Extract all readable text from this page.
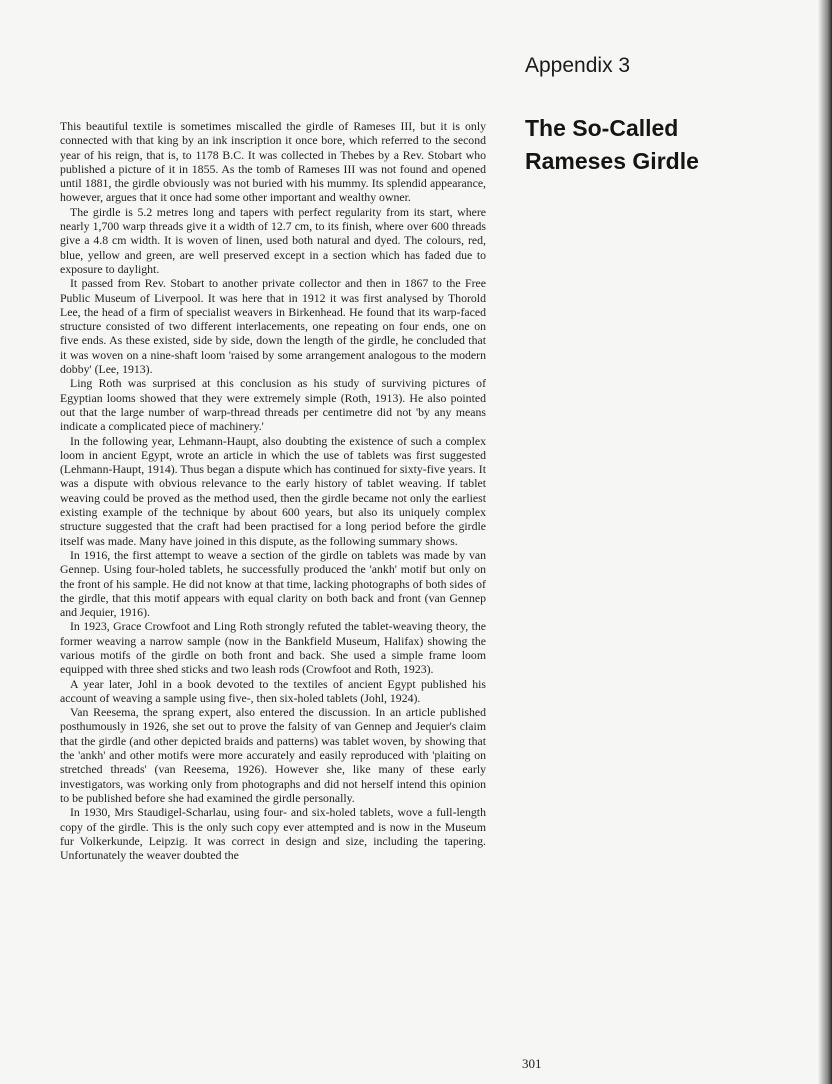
Appendix 3
The So-Called
Rameses Girdle

This beautiful textile is sometimes miscalled the girdle of Rameses III, but it is only connected with that king by an ink inscription it once bore, which referred to the second year of his reign, that is, to 1178 B.C. It was collected in Thebes by a Rev. Stobart who published a picture of it in 1855. As the tomb of Rameses III was not found and opened until 1881, the girdle obviously was not buried with his mummy. Its splendid appearance, however, argues that it once had some other important and wealthy owner.

The girdle is 5.2 metres long and tapers with perfect regularity from its start, where nearly 1,700 warp threads give it a width of 12.7 cm, to its finish, where over 600 threads give a 4.8 cm width. It is woven of linen, used both natural and dyed. The colours, red, blue, yellow and green, are well preserved except in a section which has faded due to exposure to daylight.

It passed from Rev. Stobart to another private collector and then in 1867 to the Free Public Museum of Liverpool. It was here that in 1912 it was first analysed by Thorold Lee, the head of a firm of specialist weavers in Birkenhead. He found that its warp-faced structure consisted of two different interlacements, one repeating on four ends, one on five ends. As these existed, side by side, down the length of the girdle, he concluded that it was woven on a nine-shaft loom 'raised by some arrangement analogous to the modern dobby' (Lee, 1913).

Ling Roth was surprised at this conclusion as his study of surviving pictures of Egyptian looms showed that they were extremely simple (Roth, 1913). He also pointed out that the large number of warp-thread threads per centimetre did not 'by any means indicate a complicated piece of machinery.'

In the following year, Lehmann-Haupt, also doubting the existence of such a complex loom in ancient Egypt, wrote an article in which the use of tablets was first suggested (Lehmann-Haupt, 1914). Thus began a dispute which has continued for sixty-five years. It was a dispute with obvious relevance to the early history of tablet weaving. If tablet weaving could be proved as the method used, then the girdle became not only the earliest existing example of the technique by about 600 years, but also its uniquely complex structure suggested that the craft had been practised for a long period before the girdle itself was made. Many have joined in this dispute, as the following summary shows.

In 1916, the first attempt to weave a section of the girdle on tablets was made by van Gennep. Using four-holed tablets, he successfully produced the 'ankh' motif but only on the front of his sample. He did not know at that time, lacking photographs of both sides of the girdle, that this motif appears with equal clarity on both back and front (van Gennep and Jequier, 1916).

In 1923, Grace Crowfoot and Ling Roth strongly refuted the tablet-weaving theory, the former weaving a narrow sample (now in the Bankfield Museum, Halifax) showing the various motifs of the girdle on both front and back. She used a simple frame loom equipped with three shed sticks and two leash rods (Crowfoot and Roth, 1923).

A year later, Johl in a book devoted to the textiles of ancient Egypt published his account of weaving a sample using five-, then six-holed tablets (Johl, 1924).

Van Reesema, the sprang expert, also entered the discussion. In an article published posthumously in 1926, she set out to prove the falsity of van Gennep and Jequier's claim that the girdle (and other depicted braids and patterns) was tablet woven, by showing that the 'ankh' and other motifs were more accurately and easily reproduced with 'plaiting on stretched threads' (van Reesema, 1926). However she, like many of these early investigators, was working only from photographs and did not herself intend this opinion to be published before she had examined the girdle personally.

In 1930, Mrs Staudigel-Scharlau, using four- and six-holed tablets, wove a full-length copy of the girdle. This is the only such copy ever attempted and is now in the Museum fur Volkerkunde, Leipzig. It was correct in design and size, including the tapering. Unfortunately the weaver doubted the

301
